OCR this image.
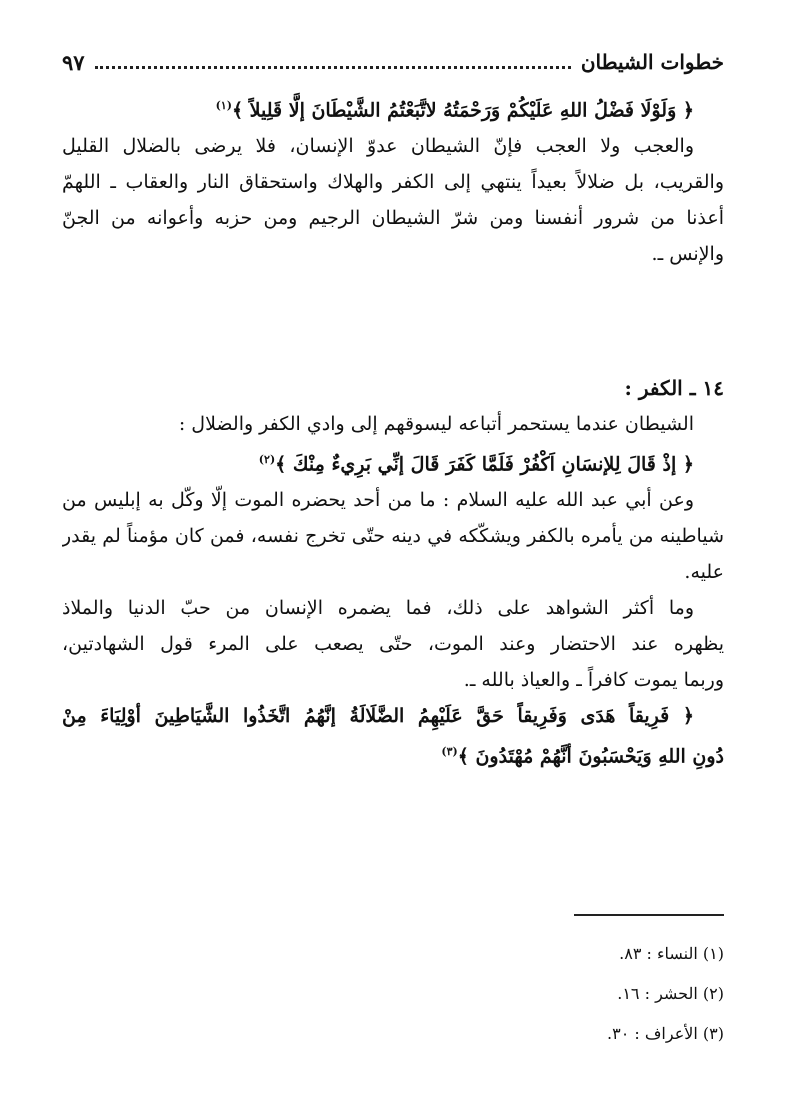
خطوات الشيطان
٩٧
﴿ وَلَوْلَا فَضْلُ اللهِ عَلَيْكُمْ وَرَحْمَتُهُ لاتَّبَعْتُمُ الشَّيْطَانَ إلَّا قَلِيلاً ﴾$^{(١)}$
والعجب ولا العجب فإنّ الشيطان عدوّ الإنسان، فلا يرضى بالضلال القليل
والقريب، بل ضلالاً بعيداً ينتهي إلى الكفر والهلاك واستحقاق النار والعقاب ـ اللهمّ
أعذنا من شرور أنفسنا ومن شرّ الشيطان الرجيم ومن حزبه وأعوانه من الجنّ
والإنس ـ.
١٤ ـ الكفر :
الشيطان عندما يستحمر أتباعه ليسوقهم إلى وادي الكفر والضلال :
﴿ إذْ قَالَ لِلإنسَانِ اَكْفُرْ فَلَمَّا كَفَرَ قَالَ إنِّي بَرِيءٌ مِنْكَ ﴾$^{(٢)}$
وعن أبي عبد الله عليه السلام : ما من أحد يحضره الموت إلّا وكّل به إبليس من
شياطينه من يأمره بالكفر ويشكّكه في دينه حتّى تخرج نفسه، فمن كان مؤمناً لم يقدر
عليه.
وما أكثر الشواهد على ذلك، فما يضمره الإنسان من حبّ الدنيا والملاذ
يظهره عند الاحتضار وعند الموت، حتّى يصعب على المرء قول الشهادتين،
وربما يموت كافراً ـ والعياذ بالله ـ.
﴿ فَرِيقاً هَدَى وَفَرِيقاً حَقَّ عَلَيْهِمُ الضَّلَالَةُ إنَّهُمُ اتَّخَذُوا الشَّيَاطِينَ أوْلِيَاءَ مِنْ
دُونِ اللهِ وَيَحْسَبُونَ أنَّهُمْ مُهْتَدُونَ ﴾$^{(٣)}$
(١) النساء : ٨٣.
(٢) الحشر : ١٦.
(٣) الأعراف : ٣٠.
